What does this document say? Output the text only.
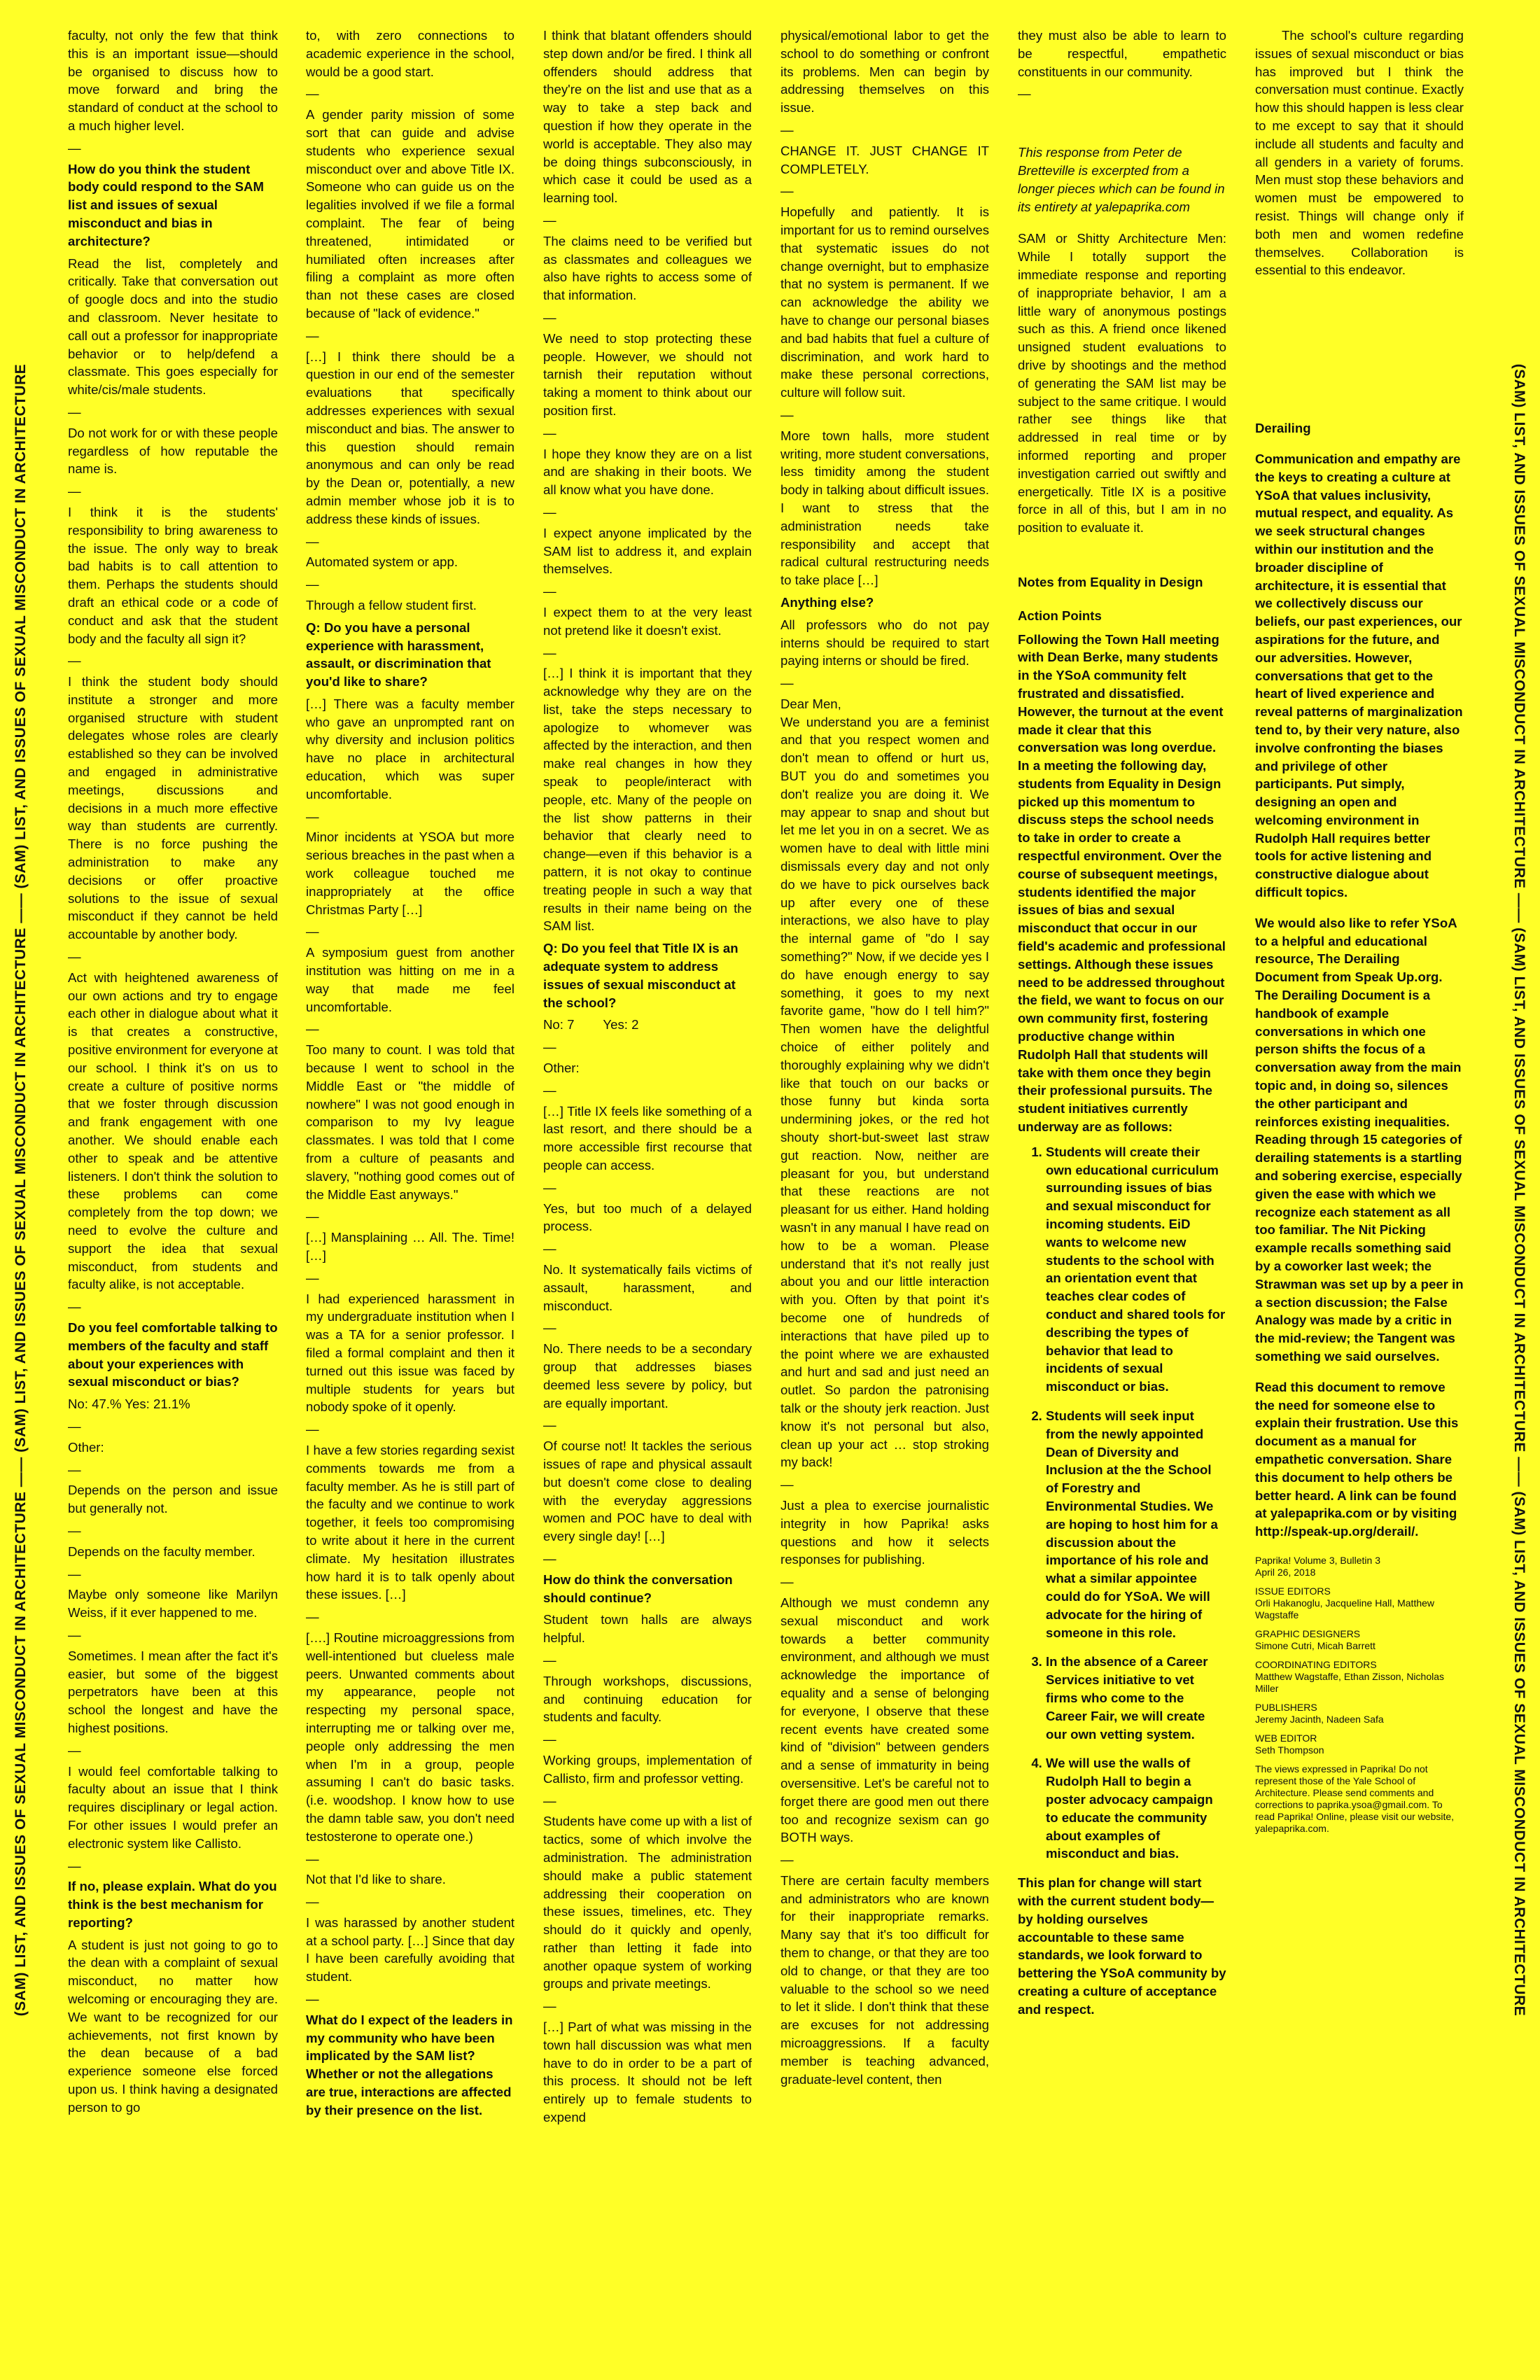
(SAM) LIST, AND ISSUES OF SEXUAL MISCONDUCT IN ARCHITECTURE —— (SAM) LIST, AND ISSUES OF SEXUAL MISCONDUCT IN ARCHITECTURE —— (SAM) LIST, AND ISSUES OF SEXUAL MISCONDUCT IN ARCHITECTURE	(SAM) LIST, AND ISSUES OF SEXUAL MISCONDUCT IN ARCHITECTURE —— (SAM) LIST, AND ISSUES OF SEXUAL MISCONDUCT IN ARCHITECTURE —— (SAM) LIST, AND ISSUES OF SEXUAL MISCONDUCT IN ARCHITECTURE

faculty, not only the few that think this is an important issue—should be organised to discuss how to move forward and bring the standard of conduct at the school to a much higher level.

—

How do you think the student body could respond to the SAM list and issues of sexual misconduct and bias in architecture?

Read the list, completely and critically. Take that conversation out of google docs and into the studio and classroom. Never hesitate to call out a professor for inappropriate behavior or to help/defend a classmate. This goes especially for white/cis/male students.

—

Do not work for or with these people regardless of how reputable the name is.

—

I think it is the students' responsibility to bring awareness to the issue. The only way to break bad habits is to call attention to them. Perhaps the students should draft an ethical code or a code of conduct and ask that the student body and the faculty all sign it?

—

I think the student body should institute a stronger and more organised structure with student delegates whose roles are clearly established so they can be involved and engaged in administrative meetings, discussions and decisions in a much more effective way than students are currently. There is no force pushing the administration to make any decisions or offer proactive solutions to the issue of sexual misconduct if they cannot be held accountable by another body.

—

Act with heightened awareness of our own actions and try to engage each other in dialogue about what it is that creates a constructive, positive environment for everyone at our school. I think it's on us to create a culture of positive norms that we foster through discussion and frank engagement with one another. We should enable each other to speak and be attentive listeners. I don't think the solution to these problems can come completely from the top down; we need to evolve the culture and support the idea that sexual misconduct, from students and faculty alike, is not acceptable.

—

Do you feel comfortable talking to members of the faculty and staff about your experiences with sexual misconduct or bias?

No: 47.% Yes: 21.1%

—

Other:

—

Depends on the person and issue but generally not.

—

Depends on the faculty member.

—

Maybe only someone like Marilyn Weiss, if it ever happened to me.

—

Sometimes. I mean after the fact it's easier, but some of the biggest perpetrators have been at this school the longest and have the highest positions.

—

I would feel comfortable talking to faculty about an issue that I think requires disciplinary or legal action. For other issues I would prefer an electronic system like Callisto.

—

If no, please explain. What do you think is the best mechanism for reporting?

A student is just not going to go to the dean with a complaint of sexual misconduct, no matter how welcoming or encouraging they are. We want to be recognized for our achievements, not first known by the dean because of a bad experience someone else forced upon us. I think having a designated person to go

to, with zero connections to academic experience in the school, would be a good start.

—

A gender parity mission of some sort that can guide and advise students who experience sexual misconduct over and above Title IX. Someone who can guide us on the legalities involved if we file a formal complaint. The fear of being threatened, intimidated or humiliated often increases after filing a complaint as more often than not these cases are closed because of "lack of evidence."

—

[…] I think there should be a question in our end of the semester evaluations that specifically addresses experiences with sexual misconduct and bias. The answer to this question should remain anonymous and can only be read by the Dean or, potentially, a new admin member whose job it is to address these kinds of issues.

—

Automated system or app.

—

Through a fellow student first.

Q: Do you have a personal experience with harassment, assault, or discrimination that you'd like to share?

[…] There was a faculty member who gave an unprompted rant on why diversity and inclusion politics have no place in architectural education, which was super uncomfortable.

—

Minor incidents at YSOA but more serious breaches in the past when a work colleague touched me inappropriately at the office Christmas Party […]

—

A symposium guest from another institution was hitting on me in a way that made me feel uncomfortable.

—

Too many to count. I was told that because I went to school in the Middle East or "the middle of nowhere" I was not good enough in comparison to my Ivy league classmates. I was told that I come from a culture of peasants and slavery, "nothing good comes out of the Middle East anyways."

—

[…] Mansplaining … All. The. Time! […]

—

I had experienced harassment in my undergraduate institution when I was a TA for a senior professor. I filed a formal complaint and then it turned out this issue was faced by multiple students for years but nobody spoke of it openly.

—

I have a few stories regarding sexist comments towards me from a faculty member. As he is still part of the faculty and we continue to work together, it feels too compromising to write about it here in the current climate. My hesitation illustrates how hard it is to talk openly about these issues. […]

—

[….] Routine microaggressions from well-intentioned but clueless male peers. Unwanted comments about my appearance, people not respecting my personal space, interrupting me or talking over me, people only addressing the men when I'm in a group, people assuming I can't do basic tasks. (i.e. woodshop. I know how to use the damn table saw, you don't need testosterone to operate one.)

—

Not that I'd like to share.

—

I was harassed by another student at a school party. […] Since that day I have been carefully avoiding that student.

—

What do I expect of the leaders in my community who have been implicated by the SAM list? Whether or not the allegations are true, interactions are affected by their presence on the list.

I think that blatant offenders should step down and/or be fired. I think all offenders should address that they're on the list and use that as a way to take a step back and question if how they operate in the world is acceptable. They also may be doing things subconsciously, in which case it could be used as a learning tool.

—

The claims need to be verified but as classmates and colleagues we also have rights to access some of that information.

—

We need to stop protecting these people. However, we should not tarnish their reputation without taking a moment to think about our position first.

—

I hope they know they are on a list and are shaking in their boots. We all know what you have done.

—

I expect anyone implicated by the SAM list to address it, and explain themselves.

—

I expect them to at the very least not pretend like it doesn't exist.

—

[…] I think it is important that they acknowledge why they are on the list, take the steps necessary to apologize to whomever was affected by the interaction, and then make real changes in how they speak to people/interact with people, etc. Many of the people on the list show patterns in their behavior that clearly need to change—even if this behavior is a pattern, it is not okay to continue treating people in such a way that results in their name being on the SAM list.

Q: Do you feel that Title IX is an adequate system to address issues of sexual misconduct at the school?

No: 7        Yes: 2

—

Other:

—

[…] Title IX feels like something of a last resort, and there should be a more accessible first recourse that people can access.

—

Yes, but too much of a delayed process.

—

No. It systematically fails victims of assault, harassment, and misconduct.

—

No. There needs to be a secondary group that addresses biases deemed less severe by policy, but are equally important.

—

Of course not! It tackles the serious issues of rape and physical assault but doesn't come close to dealing with the everyday aggressions women and POC have to deal with every single day! […]

—

How do think the conversation should continue?

Student town halls are always helpful.

—

Through workshops, discussions, and continuing education for students and faculty.

—

Working groups, implementation of Callisto, firm and professor vetting.

—

Students have come up with a list of tactics, some of which involve the administration. The administration should make a public statement addressing their cooperation on these issues, timelines, etc. They should do it quickly and openly, rather than letting it fade into another opaque system of working groups and private meetings.

—

[…] Part of what was missing in the town hall discussion was what men have to do in order to be a part of this process. It should not be left entirely up to female students to expend

physical/emotional labor to get the school to do something or confront its problems. Men can begin by addressing themselves on this issue.

—

CHANGE IT. JUST CHANGE IT COMPLETELY.

—

Hopefully and patiently. It is important for us to remind ourselves that systematic issues do not change overnight, but to emphasize that no system is permanent. If we can acknowledge the ability we have to change our personal biases and bad habits that fuel a culture of discrimination, and work hard to make these personal corrections, culture will follow suit.

—

More town halls, more student writing, more student conversations, less timidity among the student body in talking about difficult issues. I want to stress that the administration needs take responsibility and accept that radical cultural restructuring needs to take place […]

Anything else?

All professors who do not pay interns should be required to start paying interns or should be fired.

—

Dear Men,
We understand you are a feminist and that you respect women and don't mean to offend or hurt us, BUT you do and sometimes you don't realize you are doing it. We may appear to snap and shout but let me let you in on a secret. We as women have to deal with little mini dismissals every day and not only do we have to pick ourselves back up after every one of these interactions, we also have to play the internal game of "do I say something?" Now, if we decide yes I do have enough energy to say something, it goes to my next favorite game, "how do I tell him?" Then women have the delightful choice of either politely and thoroughly explaining why we didn't like that touch on our backs or those funny but kinda sorta undermining jokes, or the red hot shouty short-but-sweet last straw gut reaction. Now, neither are pleasant for you, but understand that these reactions are not pleasant for us either. Hand holding wasn't in any manual I have read on how to be a woman. Please understand that it's not really just about you and our little interaction with you. Often by that point it's become one of hundreds of interactions that have piled up to the point where we are exhausted and hurt and sad and just need an outlet. So pardon the patronising talk or the shouty jerk reaction. Just know it's not personal but also, clean up your act … stop stroking my back!

—

Just a plea to exercise journalistic integrity in how Paprika! asks questions and how it selects responses for publishing.

—

Although we must condemn any sexual misconduct and work towards a better community environment, and although we must acknowledge the importance of equality and a sense of belonging for everyone, I observe that these recent events have created some kind of "division" between genders and a sense of immaturity in being oversensitive. Let's be careful not to forget there are good men out there too and recognize sexism can go BOTH ways.

—

There are certain faculty members and administrators who are known for their inappropriate remarks. Many say that it's too difficult for them to change, or that they are too old to change, or that they are too valuable to the school so we need to let it slide. I don't think that these are excuses for not addressing microaggressions. If a faculty member is teaching advanced, graduate-level content, then

they must also be able to learn to be respectful, empathetic constituents in our community.

—

This response from Peter de Bretteville is excerpted from a longer pieces which can be found in its entirety at yalepaprika.com

SAM or Shitty Architecture Men: While I totally support the immediate response and reporting of inappropriate behavior, I am a little wary of anonymous postings such as this. A friend once likened unsigned student evaluations to drive by shootings and the method of generating the SAM list may be subject to the same critique. I would rather see things like that addressed in real time or by informed reporting and proper investigation carried out swiftly and energetically. Title IX is a positive force in all of this, but I am in no position to evaluate it.

Notes from Equality in Design

Action Points

Following the Town Hall meeting with Dean Berke, many students in the YSoA community felt frustrated and dissatisfied. However, the turnout at the event made it clear that this conversation was long overdue. In a meeting the following day, students from Equality in Design picked up this momentum to discuss steps the school needs to take in order to create a respectful environment. Over the course of subsequent meetings, students identified the major issues of bias and sexual misconduct that occur in our field's academic and professional settings. Although these issues need to be addressed throughout the field, we want to focus on our own community first, fostering productive change within Rudolph Hall that students will take with them once they begin their professional pursuits. The student initiatives currently underway are as follows:

1. Students will create their own educational curriculum surrounding issues of bias and sexual misconduct for incoming students. EiD wants to welcome new students to the school with an orientation event that teaches clear codes of conduct and shared tools for describing the types of behavior that lead to incidents of sexual misconduct or bias.
2. Students will seek input from the newly appointed Dean of Diversity and Inclusion at the the School of Forestry and Environmental Studies. We are hoping to host him for a discussion about the importance of his role and what a similar appointee could do for YSoA. We will advocate for the hiring of someone in this role.
3. In the absence of a Career Services initiative to vet firms who come to the Career Fair, we will create our own vetting system.
4. We will use the walls of Rudolph Hall to begin a poster advocacy campaign to educate the community about examples of misconduct and bias.

This plan for change will start with the current student body—by holding ourselves accountable to these same standards, we look forward to bettering the YSoA community by creating a culture of acceptance and respect.

The school's culture regarding issues of sexual misconduct or bias has improved but I think the conversation must continue. Exactly how this should happen is less clear to me except to say that it should include all students and faculty and all genders in a variety of forums. Men must stop these behaviors and women must be empowered to resist. Things will change only if both men and women redefine themselves. Collaboration is essential to this endeavor.

Derailing

Communication and empathy are the keys to creating a culture at YSoA that values inclusivity, mutual respect, and equality. As we seek structural changes within our institution and the broader discipline of architecture, it is essential that we collectively discuss our beliefs, our past experiences, our aspirations for the future, and our adversities. However, conversations that get to the heart of lived experience and reveal patterns of marginalization tend to, by their very nature, also involve confronting the biases and privilege of other participants. Put simply, designing an open and welcoming environment in Rudolph Hall requires better tools for active listening and constructive dialogue about difficult topics.

We would also like to refer YSoA to a helpful and educational resource, The Derailing Document from Speak Up.org. The Derailing Document is a handbook of example conversations in which one person shifts the focus of a conversation away from the main topic and, in doing so, silences the other participant and reinforces existing inequalities. Reading through 15 categories of derailing statements is a startling and sobering exercise, especially given the ease with which we recognize each statement as all too familiar. The Nit Picking example recalls something said by a coworker last week; the Strawman was set up by a peer in a section discussion; the False Analogy was made by a critic in the mid-review; the Tangent was something we said ourselves.

Read this document to remove the need for someone else to explain their frustration. Use this document as a manual for empathetic conversation. Share this document to help others be better heard. A link can be found at yalepaprika.com or by visiting http://speak-up.org/derail/.

Paprika! Volume 3, Bulletin 3
April 26, 2018
ISSUE EDITORS
Orli Hakanoglu, Jacqueline Hall, Matthew Wagstaffe
GRAPHIC DESIGNERS
Simone Cutri, Micah Barrett
COORDINATING EDITORS
Matthew Wagstaffe, Ethan Zisson, Nicholas Miller
PUBLISHERS
Jeremy Jacinth, Nadeen Safa
WEB EDITOR
Seth Thompson
The views expressed in Paprika! Do not represent those of the Yale School of Architecture. Please send comments and corrections to paprika.ysoa@gmail.com. To read Paprika! Online, please visit our website, yalepaprika.com.
